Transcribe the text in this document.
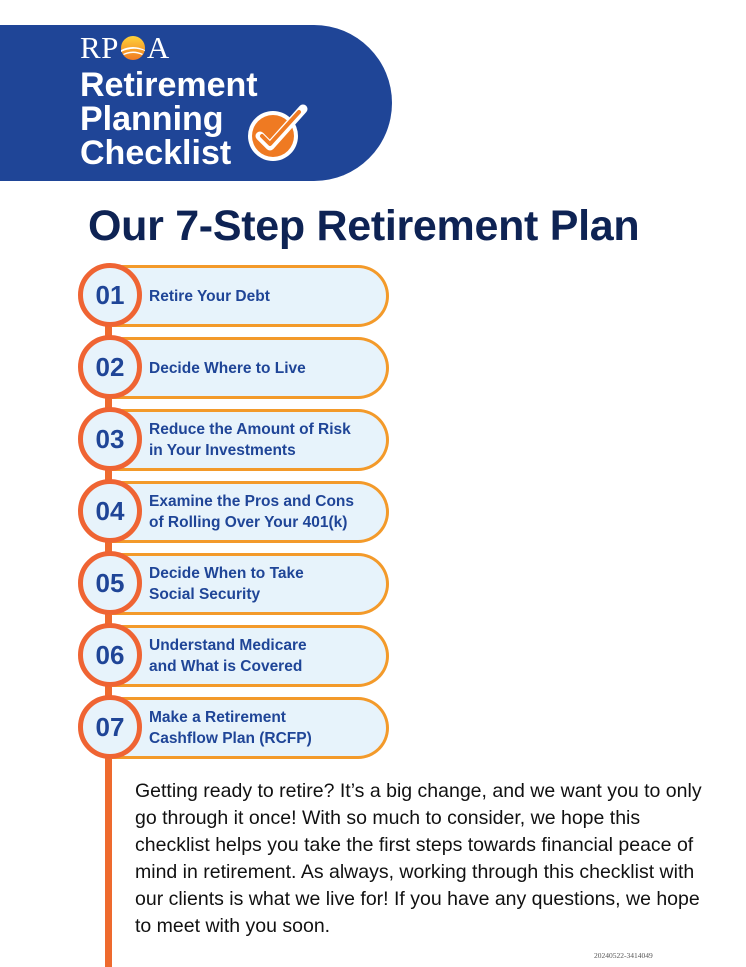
RP A
Retirement
Planning
Checklist
Our 7-Step Retirement Plan
Retire Your Debt
01
Decide Where to Live
02
Reduce the Amount of Risk
in Your Investments
03
Examine the Pros and Cons
of Rolling Over Your 401(k)
04
Decide When to Take
Social Security
05
Understand Medicare
and What is Covered
06
Make a Retirement
Cashflow Plan (RCFP)
07
Getting ready to retire? It’s a big change, and we want you to only go through it once! With so much to consider, we hope this checklist helps you take the first steps towards financial peace of mind in retirement. As always, working through this checklist with our clients is what we live for! If you have any questions, we hope to meet with you soon.
20240522-3414049
